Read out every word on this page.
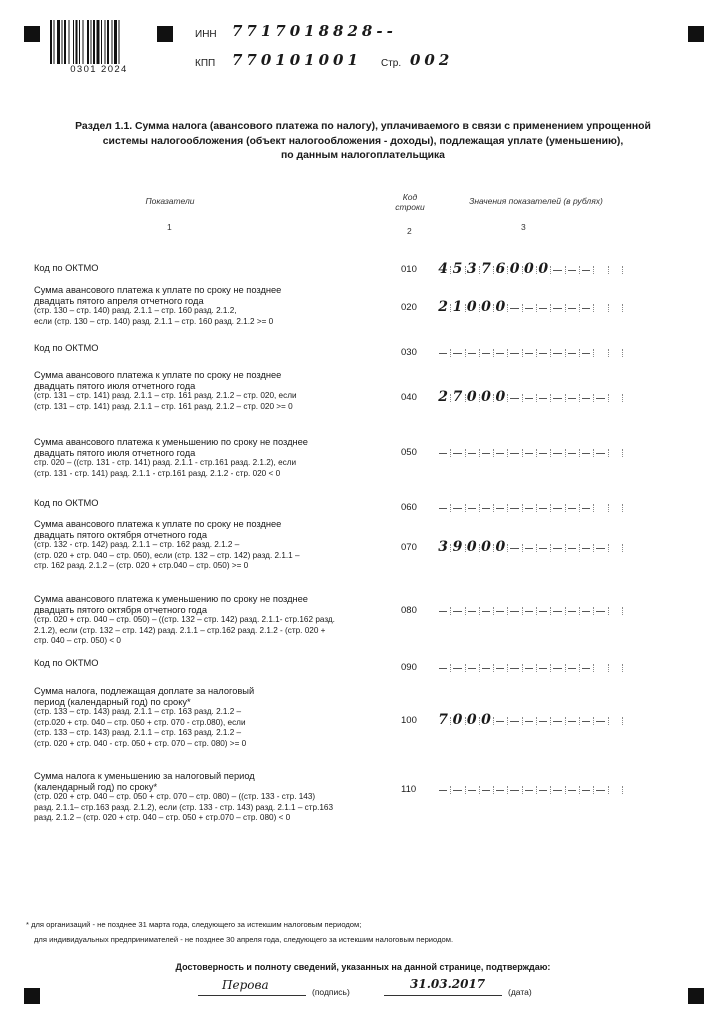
0301 2024
ИНН 7717018828--
КПП 770101001 Стр. 002
Раздел 1.1. Сумма налога (авансового платежа по налогу), уплачиваемого в связи с применением упрощенной
системы налогообложения (объект налогообложения - доходы), подлежащая уплате (уменьшению),
по данным налогоплательщика
Показатели	Код
строки
Значения показателей (в рублях)
1	2	3
Код по ОКТМО	010 4 5 3 7 6 0 0 0
Сумма авансового платежа к уплате по сроку не позднее
двадцать пятого апреля отчетного года
(стр. 130 – стр. 140) разд. 2.1.1 – стр. 160 разд. 2.1.2,
если (стр. 130 – стр. 140) разд. 2.1.1 – стр. 160 разд. 2.1.2 >= 0
020 2 1 0 0 0
Код по ОКТМО	030
Сумма авансового платежа к уплате по сроку не позднее
двадцать пятого июля отчетного года
(стр. 131 – стр. 141) разд. 2.1.1 – стр. 161 разд. 2.1.2 – стр. 020, если
(стр. 131 – стр. 141) разд. 2.1.1 – стр. 161 разд. 2.1.2 – стр. 020 >= 0
040 2 7 0 0 0
Сумма авансового платежа к уменьшению по сроку не позднее
двадцать пятого июля отчетного года
стр. 020 – ((стр. 131 - стр. 141) разд. 2.1.1 - стр.161 разд. 2.1.2), если
(стр. 131 - стр. 141) разд. 2.1.1 - стр.161 разд. 2.1.2 - стр. 020 < 0
050
Код по ОКТМО	060
Сумма авансового платежа к уплате по сроку не позднее
двадцать пятого октября отчетного года
(стр. 132 - стр. 142) разд. 2.1.1 – стр. 162 разд. 2.1.2 –
(стр. 020 + стр. 040 – стр. 050), если (стр. 132 – стр. 142) разд. 2.1.1 –
стр. 162 разд. 2.1.2 – (стр. 020 + стр.040 – стр. 050) >= 0
070 3 9 0 0 0
Сумма авансового платежа к уменьшению по сроку не позднее
двадцать пятого октября отчетного года
(стр. 020 + стр. 040 – стр. 050) – ((стр. 132 – стр. 142) разд. 2.1.1- стр.162 разд.
2.1.2), если (стр. 132 – стр. 142) разд. 2.1.1 – стр.162 разд. 2.1.2 - (стр. 020 +
стр. 040 – стр. 050) < 0
080
Код по ОКТМО	090
Сумма налога, подлежащая доплате за налоговый
период (календарный год) по сроку*
(стр. 133 – стр. 143) разд. 2.1.1 – стр. 163 разд. 2.1.2 –
(стр.020 + стр. 040 – стр. 050 + стр. 070 - стр.080), если
(стр. 133 – стр. 143) разд. 2.1.1 – стр. 163 разд. 2.1.2 –
(стр. 020 + стр. 040 - стр. 050 + стр. 070 – стр. 080) >= 0
100 7 0 0 0
Сумма налога к уменьшению за налоговый период
(календарный год) по сроку*
(стр. 020 + стр. 040 – стр. 050 + стр. 070 – стр. 080) – ((стр. 133 - стр. 143)
разд. 2.1.1– стр.163 разд. 2.1.2), если (стр. 133 - стр. 143) разд. 2.1.1 – стр.163
разд. 2.1.2 – (стр. 020 + стр. 040 – стр. 050 + стр.070 – стр. 080) < 0
110
* для организаций - не позднее 31 марта года, следующего за истекшим налоговым периодом;
для индивидуальных предпринимателей - не позднее 30 апреля года, следующего за истекшим налоговым периодом.
Достоверность и полноту сведений, указанных на данной странице, подтверждаю:
Перова	(подпись)
31.03.2017
(дата)
